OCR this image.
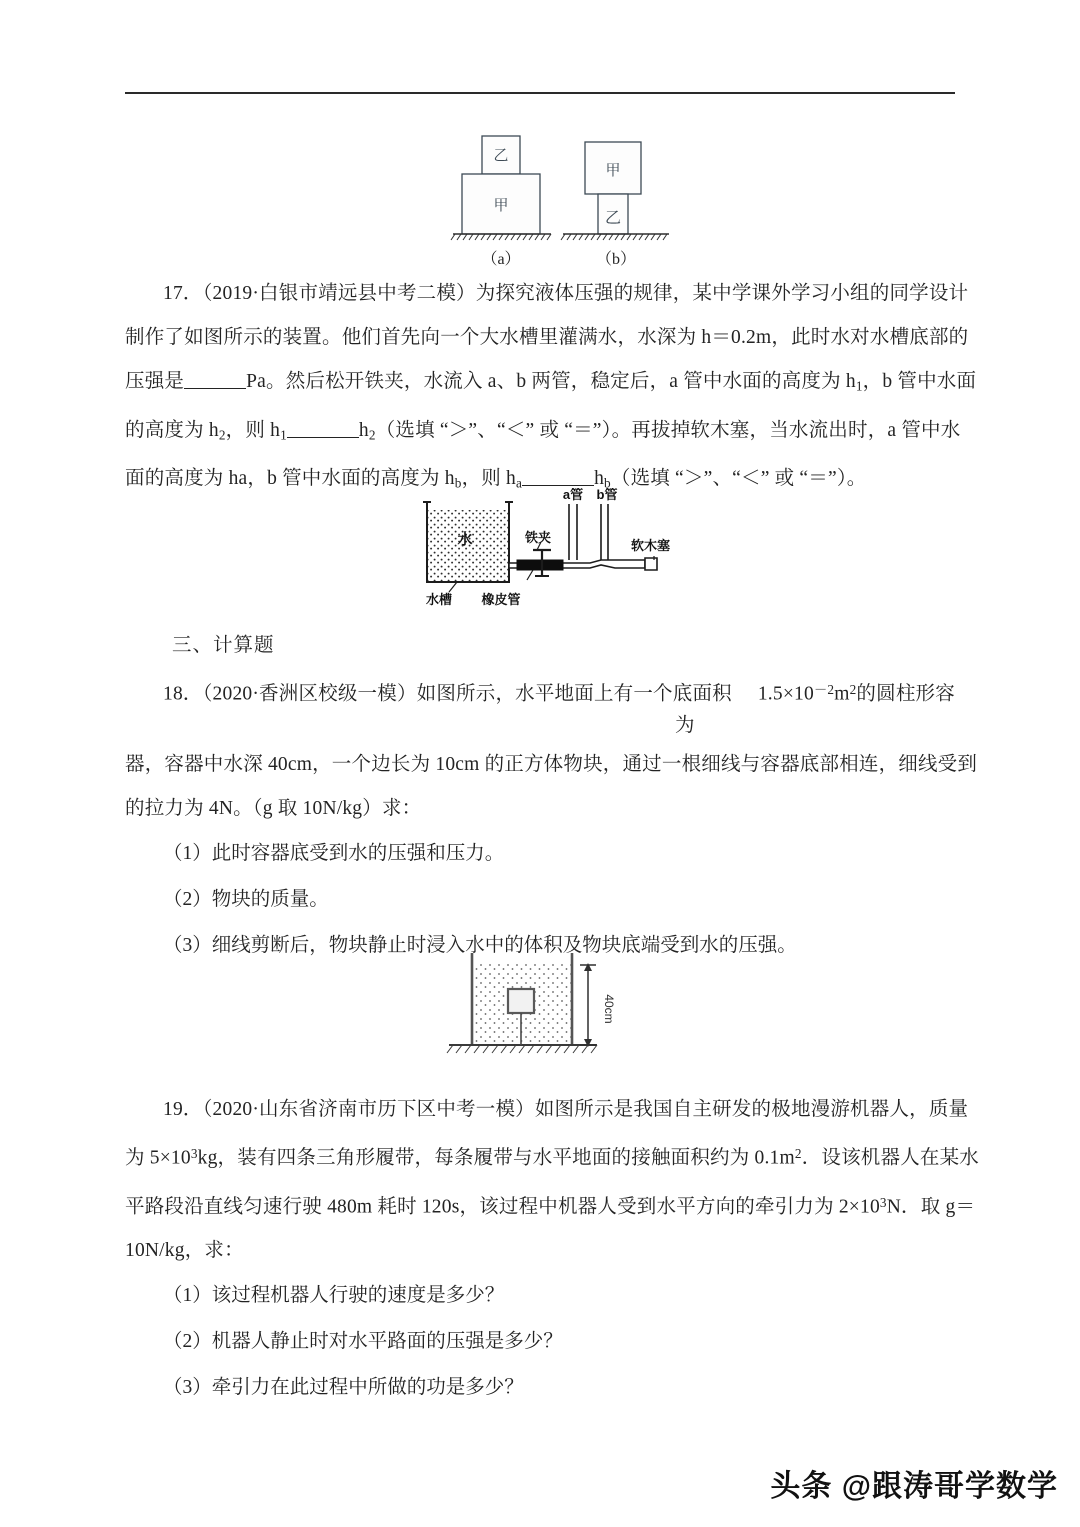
乙
甲
甲
乙
（a）	（b）

17．（2019·白银市靖远县中考二模）为探究液体压强的规律，某中学课外学习小组的同学设计

制作了如图所示的装置。他们首先向一个大水槽里灌满水，水深为 h＝0.2m，此时水对水槽底部的

压强是	Pa。然后松开铁夹，水流入 a、b 两管，稳定后，a 管中水面的高度为 $h_1$，b 管中水面

的高度为 $h_2$，则 $h_1$	$h_2$（选填 “＞”、“＜” 或 “＝”）。再拔掉软木塞，当水流出时，a 管中水

面的高度为 ha，b 管中水面的高度为 $h_b$，则 $h_a$	$h_b$（选填 “＞”、“＜” 或 “＝”）。

水
a管 b管
软木塞
铁夹
橡皮管
水槽

三、计算题

18．（2020·香洲区校级一模）如图所示，水平地面上有一个底面积 $1.5\times 10^{-2}m^2$的圆柱形容

为

器，容器中水深 40cm，一个边长为 10cm 的正方体物块，通过一根细线与容器底部相连，细线受到

的拉力为 4N。（g 取 10N/kg）求：

（1）此时容器底受到水的压强和压力。

（2）物块的质量。

（3）细线剪断后，物块静止时浸入水中的体积及物块底端受到水的压强。

40cm

19．（2020·山东省济南市历下区中考一模）如图所示是我国自主研发的极地漫游机器人，质量

为 $5\times 10^3kg$，装有四条三角形履带，每条履带与水平地面的接触面积约为 $0.1m^2$．设该机器人在某水

平路段沿直线匀速行驶 480m 耗时 120s，该过程中机器人受到水平方向的牵引力为 $2\times 10^3N$．取 g＝

10N/kg，求：

（1）该过程机器人行驶的速度是多少？

（2）机器人静止时对水平路面的压强是多少？

（3）牵引力在此过程中所做的功是多少？

头条 @跟涛哥学数学
